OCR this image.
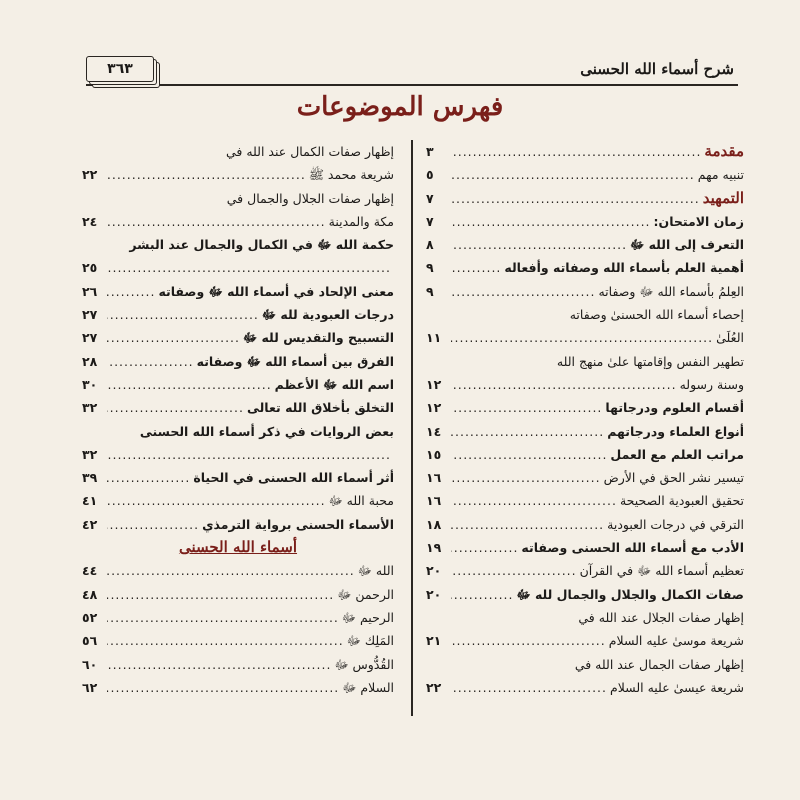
شرح أسماء الله الحسنى
٣٦٣
فهرس الموضوعات
مقدمة
.....
٣
تنبيه مهم
.....
٥
التمهيد
.....
٧
زمان الامتحان:
.....
٧
التعرف إلى الله ﷻ
.....
٨
أهمية العلم بأسماء الله وصفاته وأفعاله
.....
٩
العِلمُ بأسماء الله ﷻ وصفاته
.....
٩
إحصاء أسماء الله الحسنىٰ وصفاته
العُلَىٰ
.....
١١
تطهير النفس وإقامتها علىٰ منهج الله
وسنة رسوله
.....
١٢
أقسام العلوم ودرجاتها
.....
١٢
أنواع العلماء ودرجاتهم
.....
١٤
مراتب العلم مع العمل
.....
١٥
تيسير نشر الحق في الأرض
.....
١٦
تحقيق العبودية الصحيحة
.....
١٦
الترقي في درجات العبودية
.....
١٨
الأدب مع أسماء الله الحسنى وصفاته
.....
١٩
تعظيم أسماء الله ﷻ في القرآن
.....
٢٠
صفات الكمال والجلال والجمال لله ﷻ
.....
٢٠
إظهار صفات الجلال عند الله في
شريعة موسىٰ عليه السلام
.....
٢١
إظهار صفات الجمال عند الله في
شريعة عيسىٰ عليه السلام
.....
٢٢
إظهار صفات الكمال عند الله في
شريعة محمد ﷺ
.....
٢٢
إظهار صفات الجلال والجمال في
مكة والمدينة
.....
٢٤
حكمة الله ﷻ في الكمال والجمال عند البشر
.....
٢٥
معنى الإلحاد في أسماء الله ﷻ وصفاته
.....
٢٦
درجات العبودية لله ﷻ
.....
٢٧
التسبيح والتقديس لله ﷻ
.....
٢٧
الفرق بين أسماء الله ﷻ وصفاته
.....
٢٨
اسم الله ﷻ الأعظم
.....
٣٠
التخلق بأخلاق الله تعالى
.....
٣٢
بعض الروايات في ذكر أسماء الله الحسنى
.....
٣٢
أثر أسماء الله الحسنى في الحياة
.....
٣٩
محبة الله ﷻ
.....
٤١
الأسماء الحسنى برواية الترمذي
.....
٤٢
أسماء الله الحسنى
الله ﷻ
.....
٤٤
الرحمن ﷻ
.....
٤٨
الرحيم ﷻ
.....
٥٢
المَلِك ﷻ
.....
٥٦
القُدُّوس ﷻ
.....
٦٠
السلام ﷻ
.....
٦٢
